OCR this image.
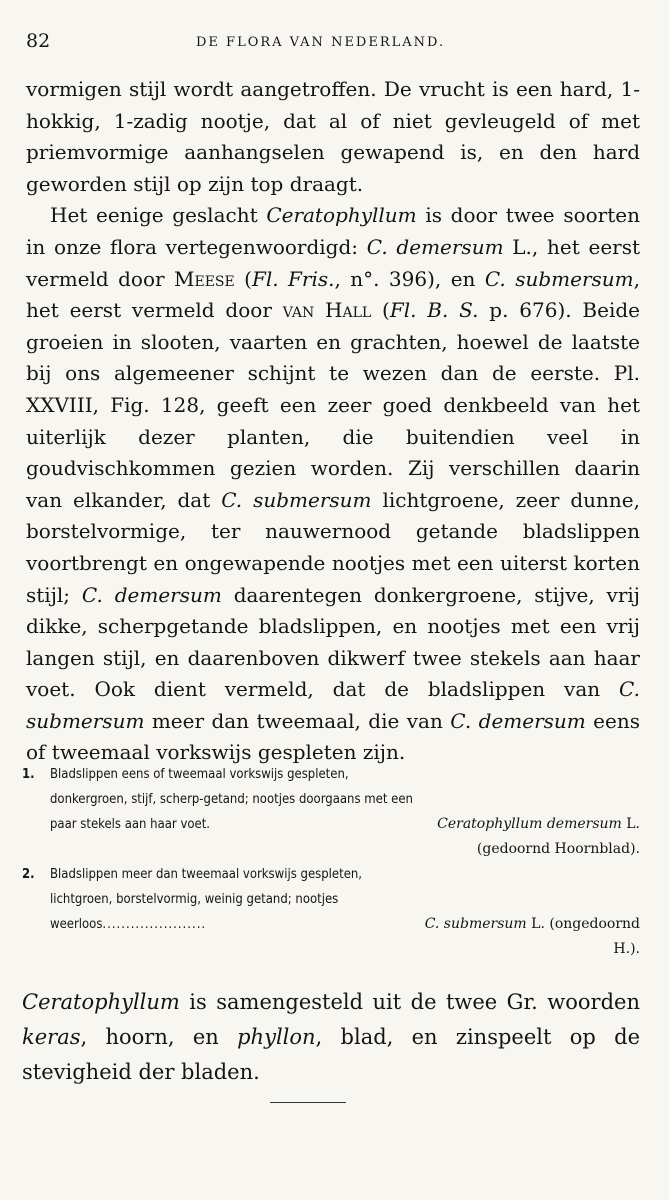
82	DE FLORA VAN NEDERLAND.

vormigen stijl wordt aangetroffen. De vrucht is een hard, 1-hokkig, 1-zadig nootje, dat al of niet gevleugeld of met priemvormige aanhangselen gewapend is, en den hard geworden stijl op zijn top draagt.

Het eenige geslacht Ceratophyllum is door twee soorten in onze flora vertegenwoordigd: C. demersum L., het eerst vermeld door Meese (Fl. Fris., n°. 396), en C. submersum, het eerst vermeld door van Hall (Fl. B. S. p. 676). Beide groeien in slooten, vaarten en grachten, hoewel de laatste bij ons algemeener schijnt te wezen dan de eerste. Pl. XXVIII, Fig. 128, geeft een zeer goed denkbeeld van het uiterlijk dezer planten, die buitendien veel in goudvischkommen gezien worden. Zij verschillen daarin van elkander, dat C. submersum lichtgroene, zeer dunne, borstelvormige, ter nauwernood getande bladslippen voortbrengt en ongewapende nootjes met een uiterst korten stijl; C. demersum daarentegen donkergroene, stijve, vrij dikke, scherpgetande bladslippen, en nootjes met een vrij langen stijl, en daarenboven dikwerf twee stekels aan haar voet. Ook dient vermeld, dat de bladslippen van C. submersum meer dan tweemaal, die van C. demersum eens of tweemaal vorkswijs gespleten zijn.

1.	Bladslippen eens of tweemaal vorkswijs gespleten, donkergroen, stijf, scherp-getand; nootjes doorgaans met een paar stekels aan haar voet.	Ceratophyllum demersum L.
(gedoornd Hoornblad).
2.	Bladslippen meer dan tweemaal vorkswijs gespleten, lichtgroen, borstelvormig, weinig getand; nootjes weerloos......................	C. submersum L. (ongedoornd H.).
Ceratophyllum is samengesteld uit de twee Gr. woorden keras, hoorn, en phyllon, blad, en zinspeelt op de stevigheid der bladen.
